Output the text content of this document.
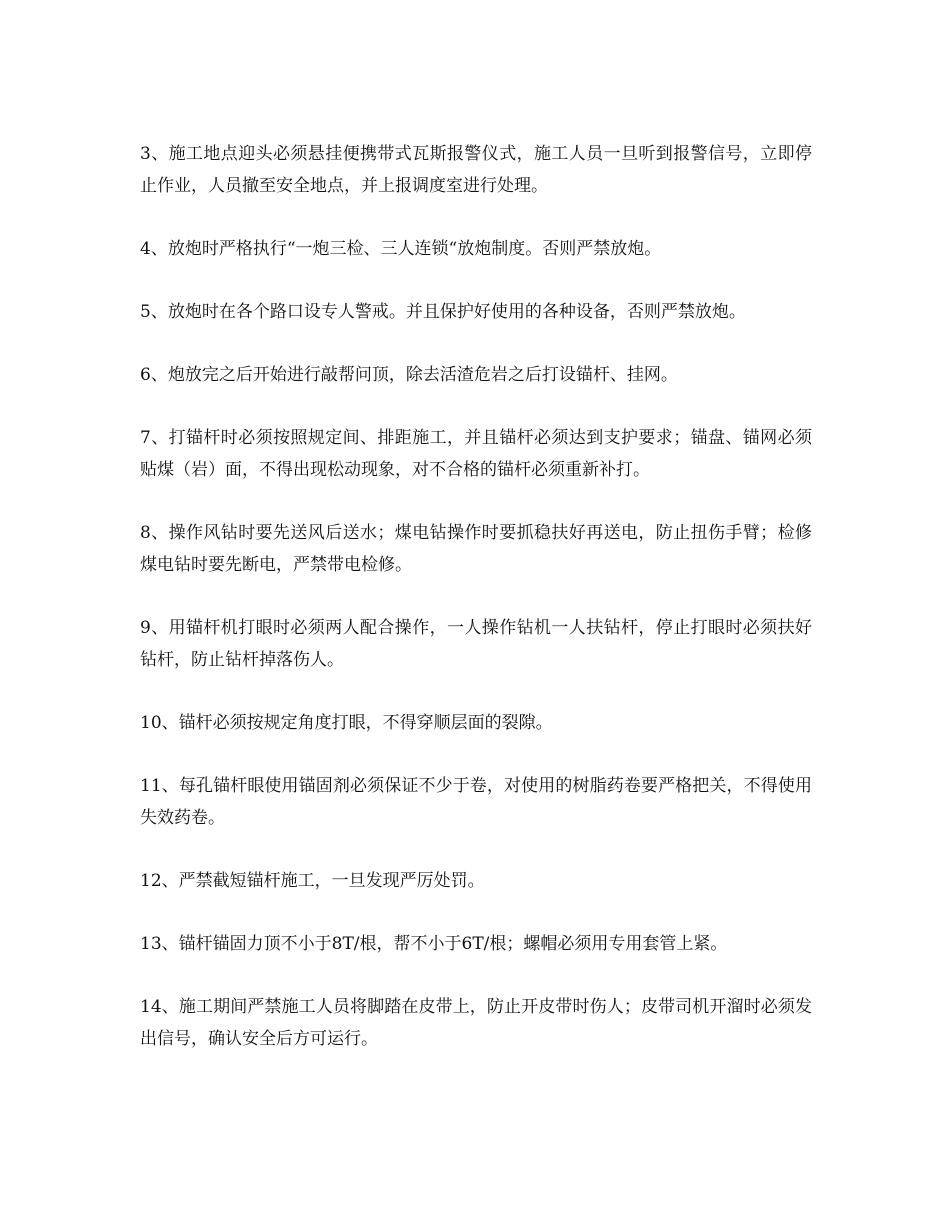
3、施工地点迎头必须悬挂便携带式瓦斯报警仪式，施工人员一旦听到报警信号，立即停止作业，人员撤至安全地点，并上报调度室进行处理。

4、放炮时严格执行“一炮三检、三人连锁“放炮制度。否则严禁放炮。

5、放炮时在各个路口设专人警戒。并且保护好使用的各种设备，否则严禁放炮。

6、炮放完之后开始进行敲帮问顶，除去活渣危岩之后打设锚杆、挂网。

7、打锚杆时必须按照规定间、排距施工，并且锚杆必须达到支护要求；锚盘、锚网必须贴煤（岩）面，不得出现松动现象，对不合格的锚杆必须重新补打。

8、操作风钻时要先送风后送水；煤电钻操作时要抓稳扶好再送电，防止扭伤手臂；检修煤电钻时要先断电，严禁带电检修。

9、用锚杆机打眼时必须两人配合操作，一人操作钻机一人扶钻杆，停止打眼时必须扶好钻杆，防止钻杆掉落伤人。

10、锚杆必须按规定角度打眼，不得穿顺层面的裂隙。

11、每孔锚杆眼使用锚固剂必须保证不少于卷，对使用的树脂药卷要严格把关，不得使用失效药卷。

12、严禁截短锚杆施工，一旦发现严厉处罚。

13、锚杆锚固力顶不小于8T/根，帮不小于6T/根；螺帽必须用专用套管上紧。

14、施工期间严禁施工人员将脚踏在皮带上，防止开皮带时伤人；皮带司机开溜时必须发出信号，确认安全后方可运行。
